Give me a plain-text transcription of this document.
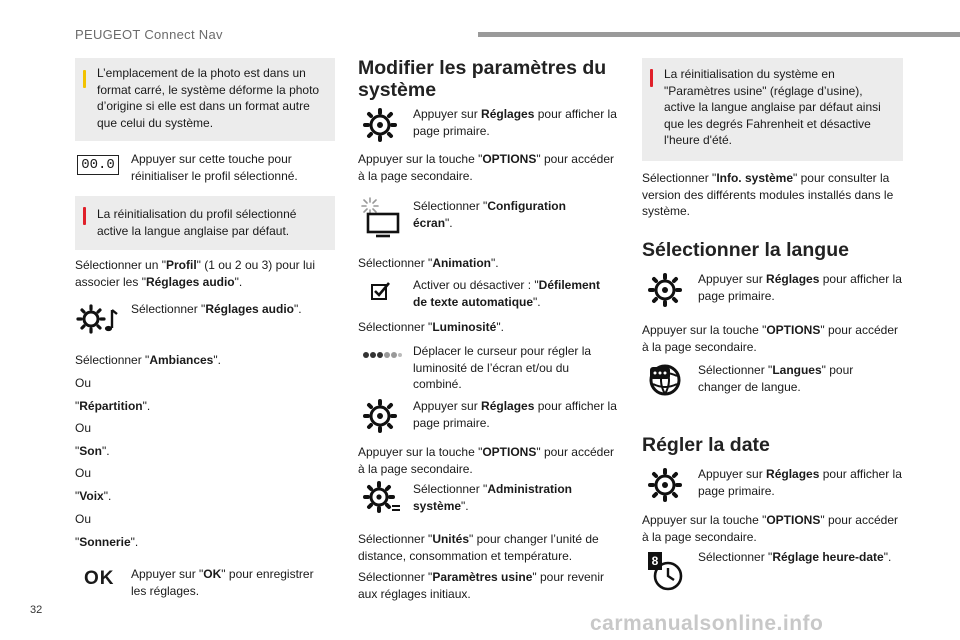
PEUGEOT Connect Nav
L’emplacement de la photo est dans un format carré, le système déforme la photo d’origine si elle est dans un format autre que celui du système.
00.0	Appuyer sur cette touche pour réinitialiser le profil sélectionné.

La réinitialisation du profil sélectionné active la langue anglaise par défaut.

Sélectionner un "Profil" (1 ou 2 ou 3) pour lui associer les "Réglages audio".

Sélectionner "Réglages audio".

Sélectionner "Ambiances".

Ou

"Répartition".

Ou

"Son".

Ou

"Voix".

Ou

"Sonnerie".

OK Appuyer sur "OK" pour enregistrer les réglages.

Modifier les paramètres du système

Appuyer sur Réglages pour afficher la page primaire.

Appuyer sur la touche "OPTIONS" pour accéder à la page secondaire.

Sélectionner "Configuration écran".

Sélectionner "Animation".

Activer ou désactiver : "Défilement de texte automatique".

Sélectionner "Luminosité".

Déplacer le curseur pour régler la luminosité de l’écran et/ou du combiné.

Appuyer sur Réglages pour afficher la page primaire.

Appuyer sur la touche "OPTIONS" pour accéder à la page secondaire.

Sélectionner "Administration système".

Sélectionner "Unités" pour changer l’unité de distance, consommation et température.

Sélectionner "Paramètres usine" pour revenir aux réglages initiaux.

La réinitialisation du système en "Paramètres usine" (réglage d’usine), active la langue anglaise par défaut ainsi que les degrés Fahrenheit et désactive l'heure d'été.

Sélectionner "Info. système" pour consulter la version des différents modules installés dans le système.

Sélectionner la langue

Appuyer sur Réglages pour afficher la page primaire.

Appuyer sur la touche "OPTIONS" pour accéder à la page secondaire.

Sélectionner "Langues" pour changer de langue.

Régler la date

Appuyer sur Réglages pour afficher la page primaire.

Appuyer sur la touche "OPTIONS" pour accéder à la page secondaire.

8	Sélectionner "Réglage heure-date".

32
carmanualsonline.info
